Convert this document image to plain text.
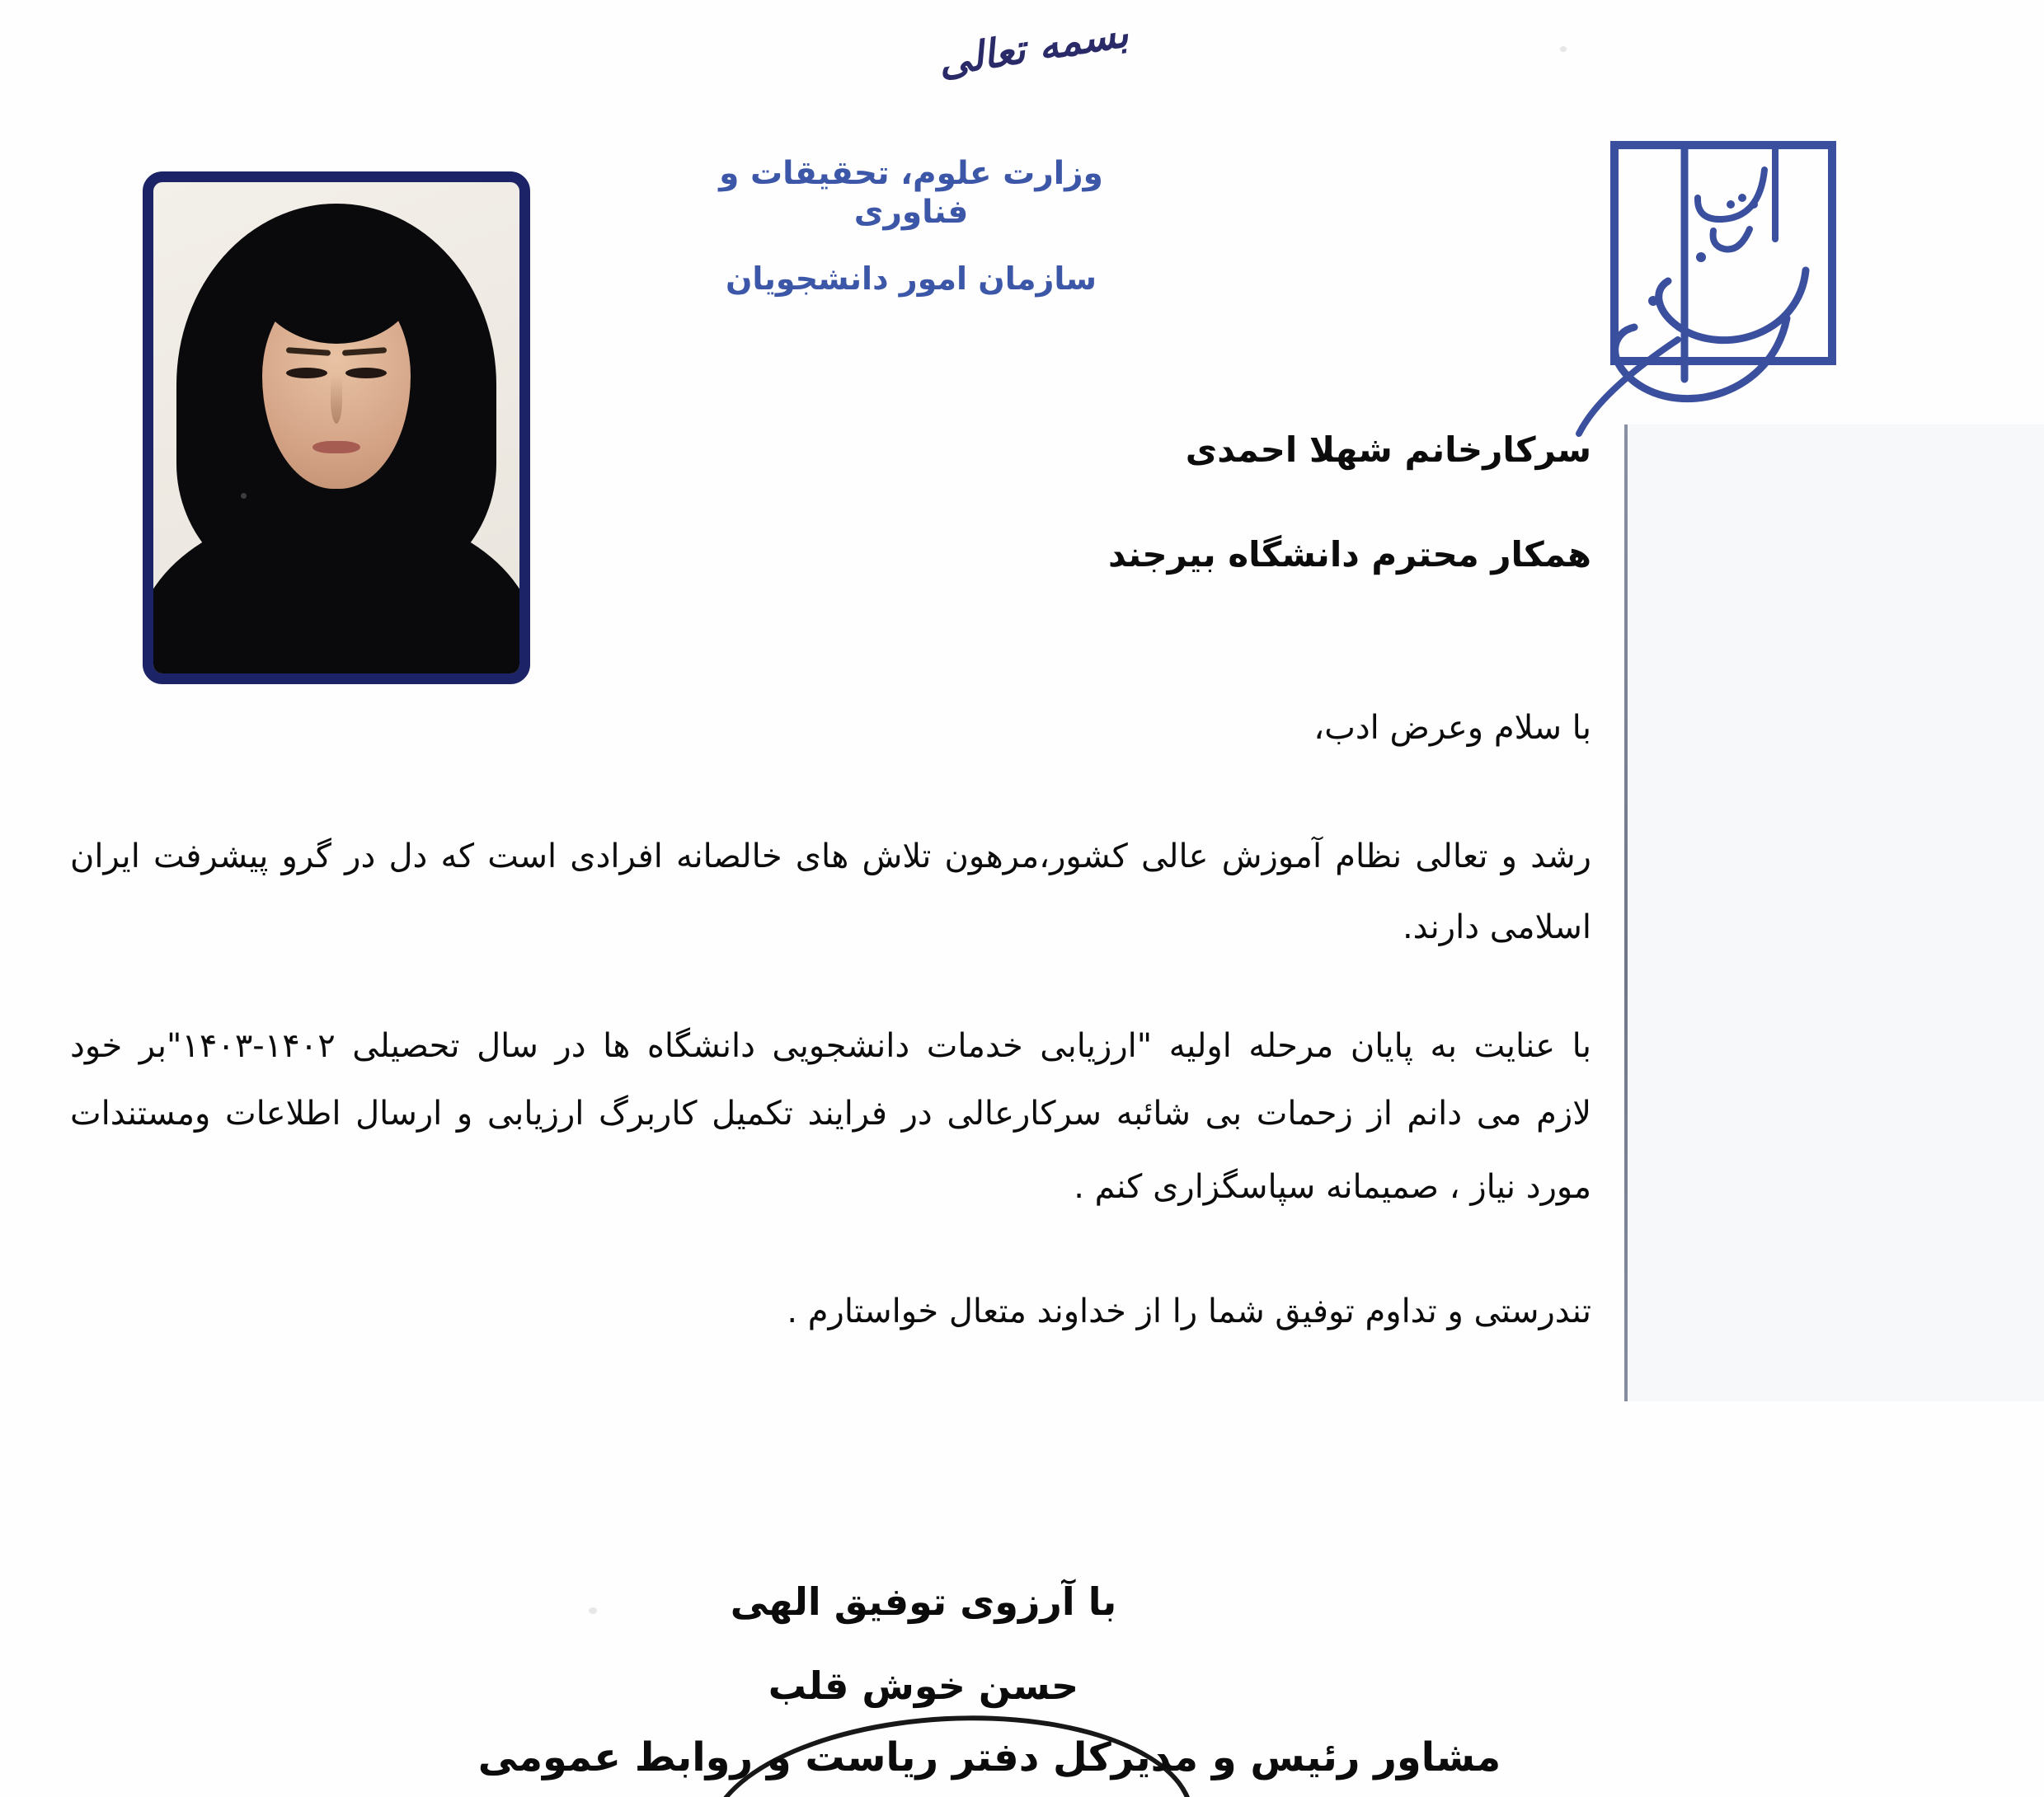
بسمه تعالی
وزارت علوم، تحقیقات و فناوری
سازمان امور دانشجویان
سرکارخانم شهلا احمدی
همکار محترم دانشگاه بیرجند
با سلام وعرض ادب،
رشد و تعالی نظام آموزش عالی کشور،مرهون تلاش های خالصانه افرادی است که دل در گرو پیشرفت ایران
اسلامی دارند.
با عنایت به پایان مرحله اولیه "ارزیابی خدمات دانشجویی دانشگاه ها در سال تحصیلی ۱۴۰۲-۱۴۰۳"بر خود
لازم می دانم از زحمات بی شائبه سرکارعالی در فرایند تکمیل کاربرگ ارزیابی و ارسال اطلاعات ومستندات
مورد نیاز ، صمیمانه سپاسگزاری کنم .
تندرستی و تداوم توفیق شما را از خداوند متعال خواستارم .
با آرزوی توفیق الهی
حسن خوش قلب
مشاور رئیس و مدیرکل دفتر ریاست و روابط عمومی
